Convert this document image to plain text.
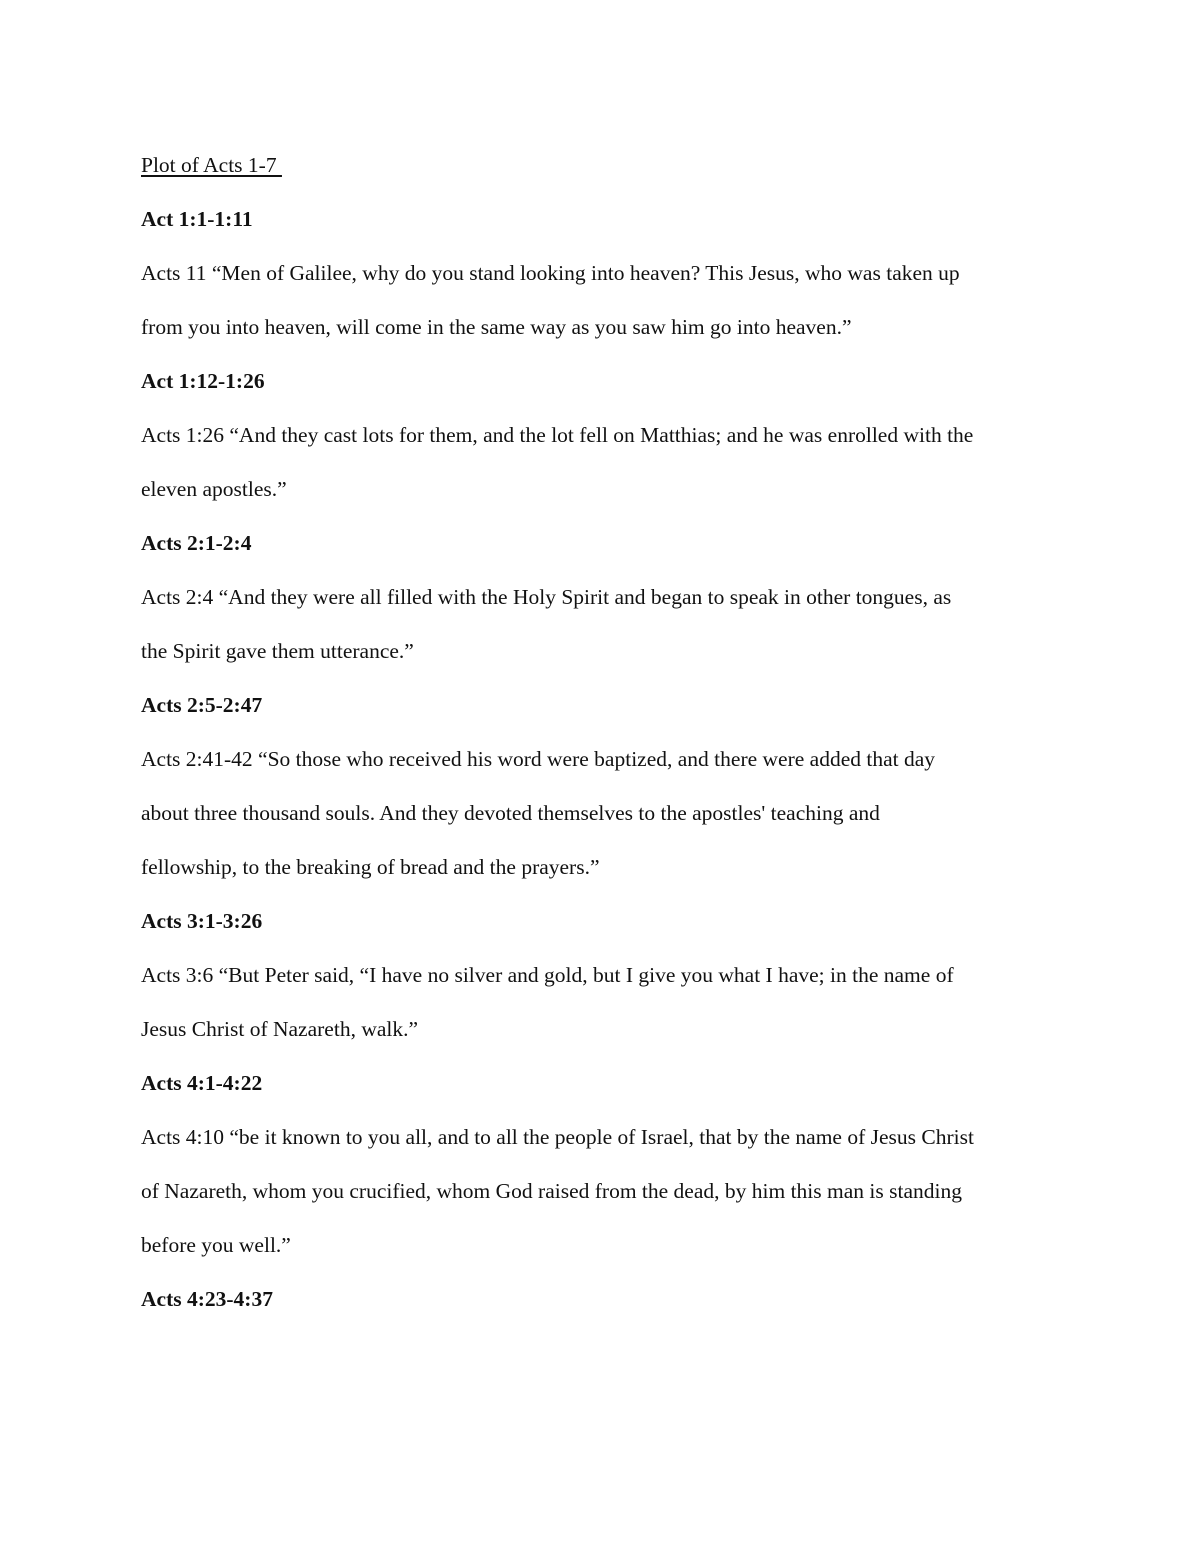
Plot of Acts 1-7
Act 1:1-1:11

Acts 11 “Men of Galilee, why do you stand looking into heaven? This Jesus, who was taken up
from you into heaven, will come in the same way as you saw him go into heaven.”

Act 1:12-1:26

Acts 1:26 “And they cast lots for them, and the lot fell on Matthias; and he was enrolled with the
eleven apostles.”

Acts 2:1-2:4

Acts 2:4 “And they were all filled with the Holy Spirit and began to speak in other tongues, as
the Spirit gave them utterance.”

Acts 2:5-2:47

Acts 2:41-42 “So those who received his word were baptized, and there were added that day
about three thousand souls. And they devoted themselves to the apostles' teaching and
fellowship, to the breaking of bread and the prayers.”

Acts 3:1-3:26

Acts 3:6 “But Peter said, “I have no silver and gold, but I give you what I have; in the name of
Jesus Christ of Nazareth, walk.”

Acts 4:1-4:22

Acts 4:10 “be it known to you all, and to all the people of Israel, that by the name of Jesus Christ
of Nazareth, whom you crucified, whom God raised from the dead, by him this man is standing
before you well.”

Acts 4:23-4:37
